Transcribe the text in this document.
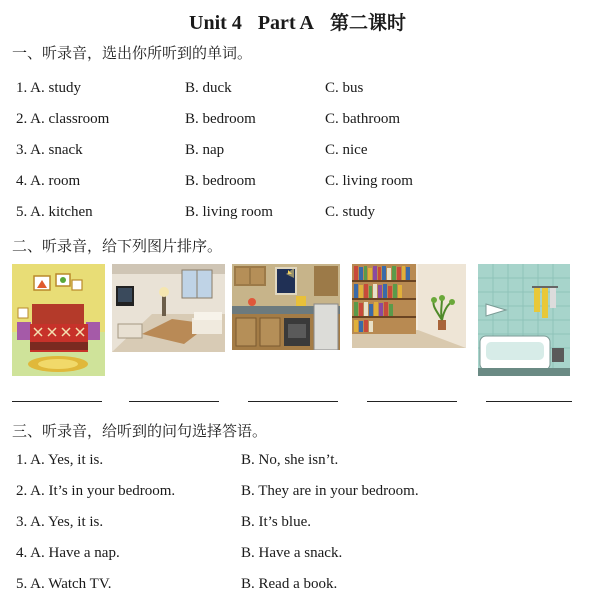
Unit 4 Part A 第二课时
一、听录音，选出你所听到的单词。
1. A. study	B. duck	C. bus
2. A. classroom	B. bedroom	C. bathroom
3. A. snack	B. nap	C. nice
4. A. room	B. bedroom	C. living room
5. A. kitchen	B. living room	C. study
二、听录音，给下列图片排序。
三、听录音，给听到的问句选择答语。
1. A. Yes, it is.	B. No, she isn’t.
2. A. It’s in your bedroom.	B. They are in your bedroom.
3. A. Yes, it is.	B. It’s blue.
4. A. Have a nap.	B. Have a snack.
5. A. Watch TV.	B. Read a book.
